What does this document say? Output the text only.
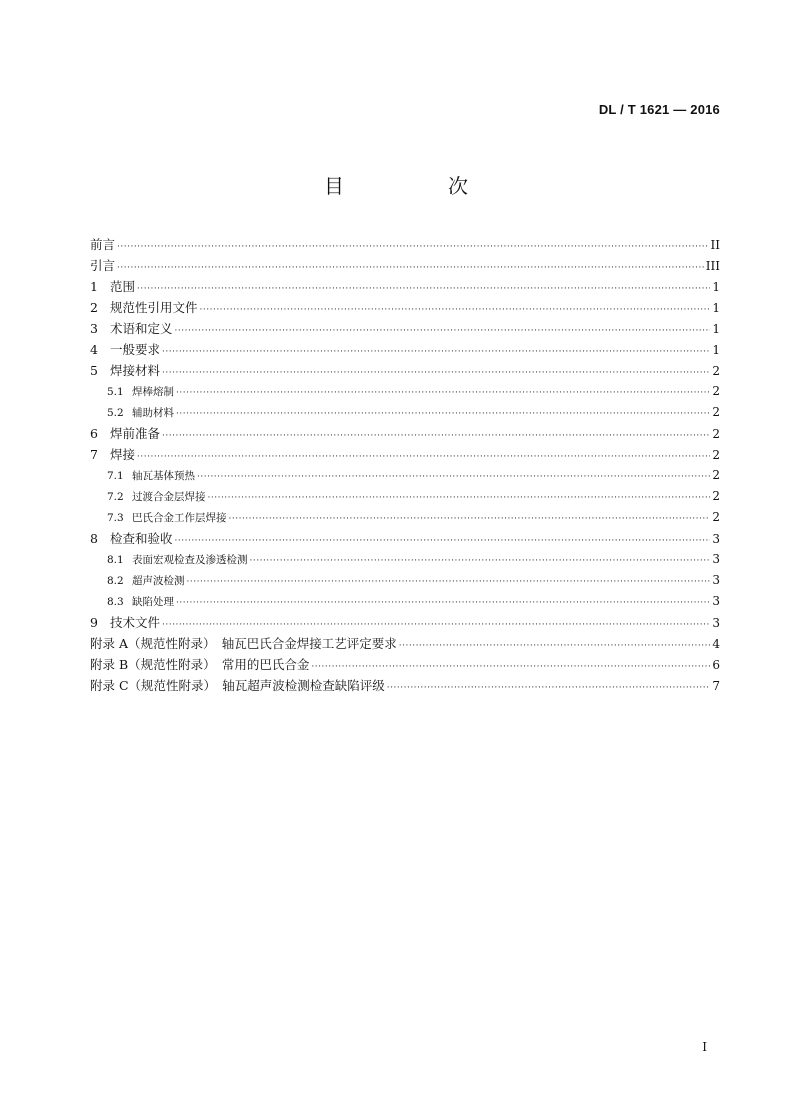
DL / T 1621 — 2016
目　次
前言 ·····	II
引言 ·····	III
1 范围 ·····	1
2 规范性引用文件 ·····	1
3 术语和定义 ·····	1
4 一般要求 ·····	1
5 焊接材料 ·····	2
5.1 焊棒熔制 ·····	2
5.2 辅助材料 ·····	2
6 焊前准备 ·····	2
7 焊接 ·····	2
7.1 轴瓦基体预热 ·····	2
7.2 过渡合金层焊接 ·····	2
7.3 巴氏合金工作层焊接 ·····	2
8 检查和验收 ·····	3
8.1 表面宏观检查及渗透检测 ·····	3
8.2 超声波检测 ·····	3
8.3 缺陷处理 ·····	3
9 技术文件 ·····	3
附录 A（规范性附录）　轴瓦巴氏合金焊接工艺评定要求 ·····	4
附录 B（规范性附录）　常用的巴氏合金 ·····	6
附录 C（规范性附录）　轴瓦超声波检测检查缺陷评级 ·····	7
I
